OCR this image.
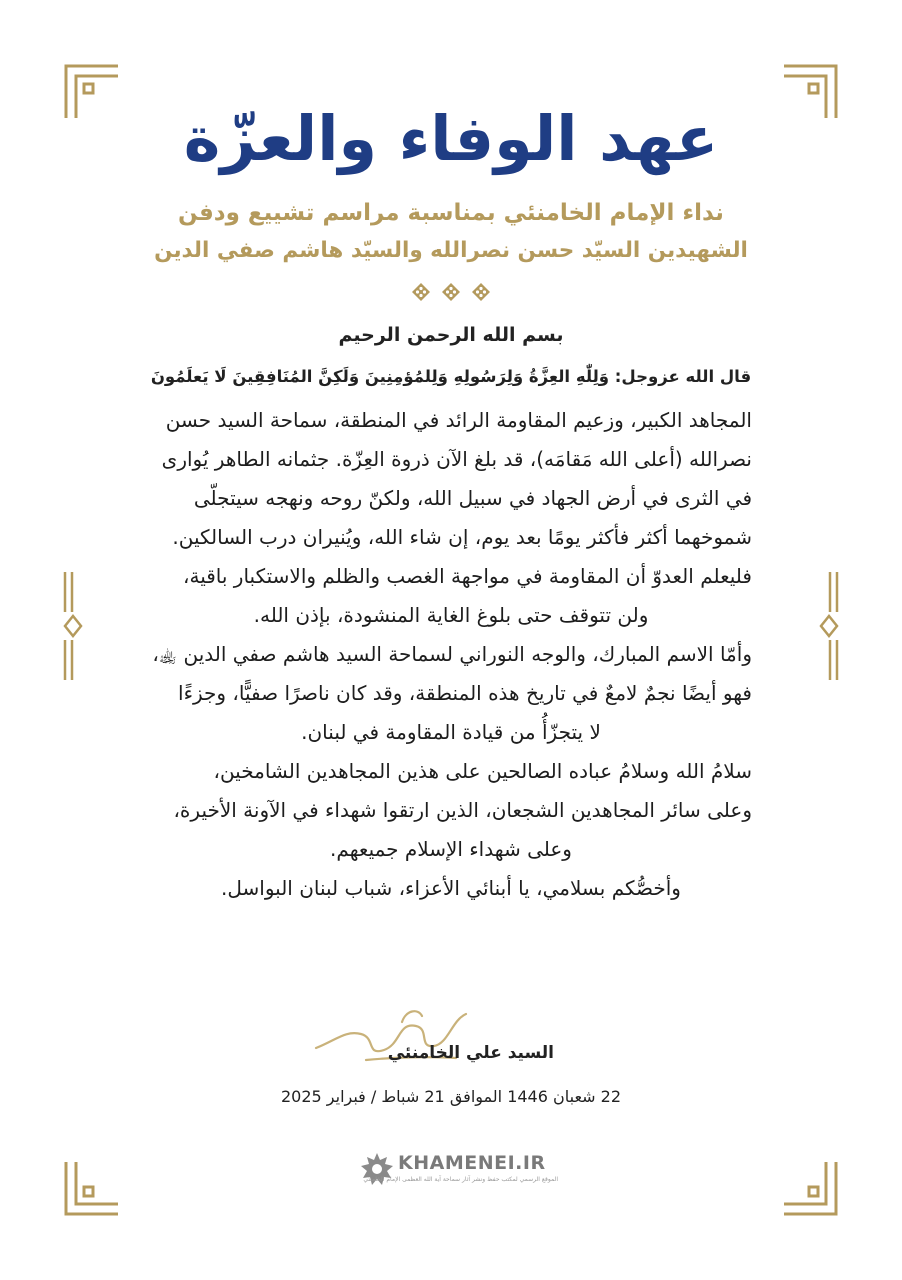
عهد الوفاء والعزّة
نداء الإمام الخامنئي بمناسبة مراسم تشييع ودفن
الشهيدين السيّد حسن نصرالله والسيّد هاشم صفي الدين
بسم الله الرحمن الرحيم
قال الله عزوجل: وَلِلّٰهِ العِزَّةُ وَلِرَسُولِهِ وَلِلمُؤمِنِينَ وَلَكِنَّ المُنَافِقِينَ لَا يَعلَمُونَ
المجاهد الكبير، وزعيم المقاومة الرائد في المنطقة، سماحة السيد حسن
نصرالله (أعلى الله مَقامَه)، قد بلغ الآن ذروة العِزّة. جثمانه الطاهر يُوارى
في الثرى في أرض الجهاد في سبيل الله، ولكنّ روحه ونهجه سيتجلّى
شموخهما أكثر فأكثر يومًا بعد يوم، إن شاء الله، ويُنيران درب السالكين.
فليعلم العدوّ أن المقاومة في مواجهة الغصب والظلم والاستكبار باقية،
ولن تتوقف حتى بلوغ الغاية المنشودة، بإذن الله.
وأمّا الاسم المبارك، والوجه النوراني لسماحة السيد هاشم صفي الدين ﵀،
فهو أيضًا نجمٌ لامعٌ في تاريخ هذه المنطقة، وقد كان ناصرًا صفيًّا، وجزءًا
لا يتجزّأُ من قيادة المقاومة في لبنان.
سلامُ الله وسلامُ عباده الصالحين على هذين المجاهدين الشامخين،
وعلى سائر المجاهدين الشجعان، الذين ارتقوا شهداء في الآونة الأخيرة،
وعلى شهداء الإسلام جميعهم.
وأخصُّكم بسلامي، يا أبنائي الأعزاء، شباب لبنان البواسل.
السيد علي الخامنئي
22 شعبان 1446 الموافق 21 شباط / فبراير 2025
KHAMENEI.IR
الموقع الرسمي لمكتب حفظ ونشر آثار سماحة آية الله العظمى الإمام الخامنئي
